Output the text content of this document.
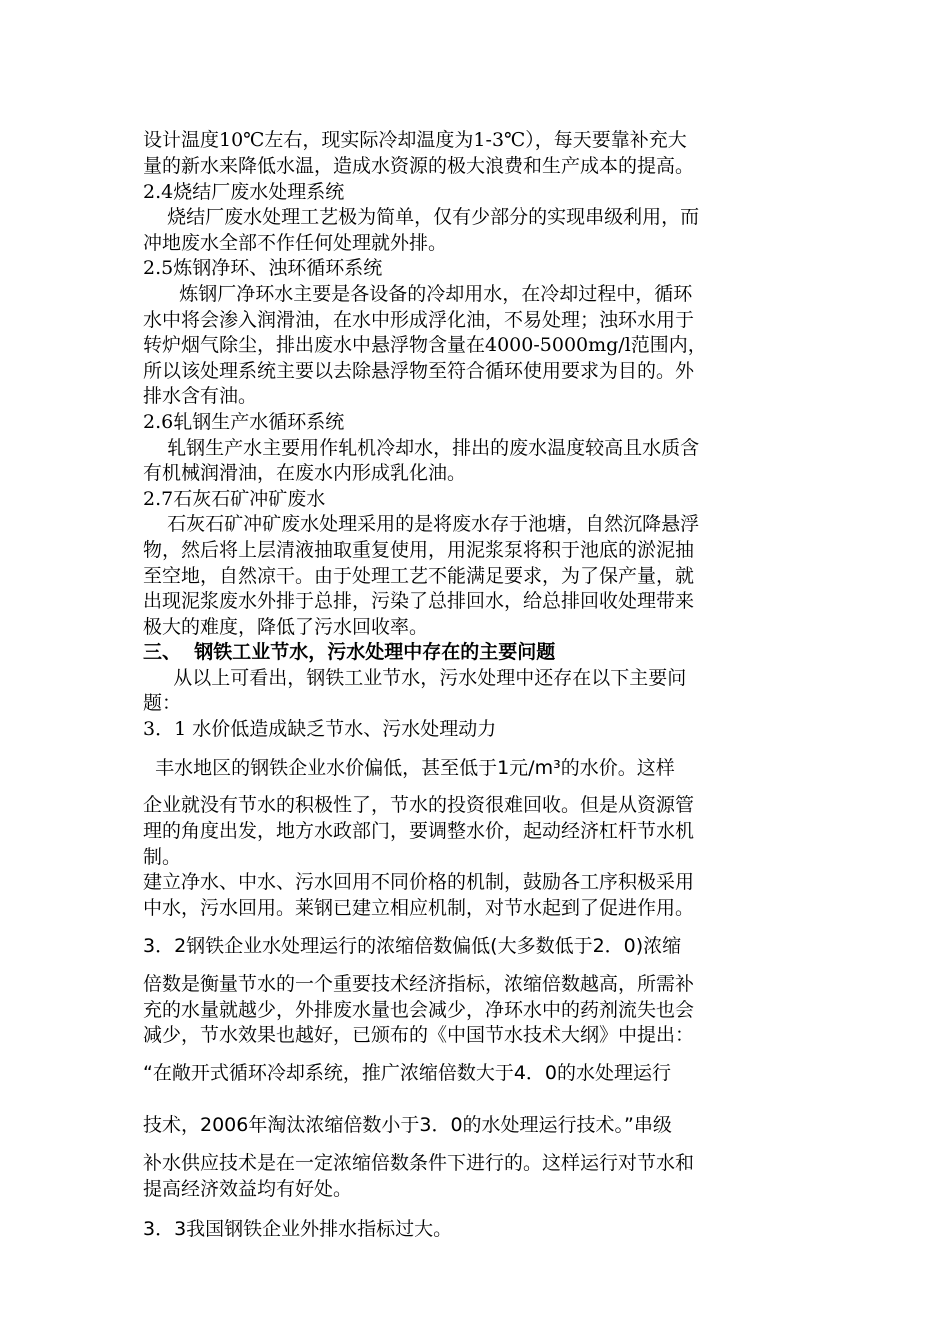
设计温度10℃左右，现实际冷却温度为1-3℃），每天要靠补充大

量的新水来降低水温，造成水资源的极大浪费和生产成本的提高。

2.4烧结厂废水处理系统

烧结厂废水处理工艺极为简单，仅有少部分的实现串级利用，而

冲地废水全部不作任何处理就外排。

2.5炼钢净环、浊环循环系统

炼钢厂净环水主要是各设备的冷却用水，在冷却过程中，循环

水中将会渗入润滑油，在水中形成浮化油，不易处理；浊环水用于

转炉烟气除尘，排出废水中悬浮物含量在4000-5000mg/l范围内，

所以该处理系统主要以去除悬浮物至符合循环使用要求为目的。外

排水含有油。

2.6轧钢生产水循环系统

轧钢生产水主要用作轧机冷却水，排出的废水温度较高且水质含

有机械润滑油，在废水内形成乳化油。

2.7石灰石矿冲矿废水

石灰石矿冲矿废水处理采用的是将废水存于池塘，自然沉降悬浮

物，然后将上层清液抽取重复使用，用泥浆泵将积于池底的淤泥抽

至空地，自然凉干。由于处理工艺不能满足要求，为了保产量，就

出现泥浆废水外排于总排，污染了总排回水，给总排回收处理带来

极大的难度，降低了污水回收率。

三、  钢铁工业节水，污水处理中存在的主要问题

从以上可看出，钢铁工业节水，污水处理中还存在以下主要问

题：

3．1 水价低造成缺乏节水、污水处理动力

丰水地区的钢铁企业水价偏低，甚至低于1元/m³的水价。这样

企业就没有节水的积极性了，节水的投资很难回收。但是从资源管

理的角度出发，地方水政部门，要调整水价，起动经济杠杆节水机

制。

建立净水、中水、污水回用不同价格的机制，鼓励各工序积极采用

中水，污水回用。莱钢已建立相应机制，对节水起到了促进作用。

3．2钢铁企业水处理运行的浓缩倍数偏低(大多数低于2．0)浓缩

倍数是衡量节水的一个重要技术经济指标，浓缩倍数越高，所需补

充的水量就越少，外排废水量也会减少，净环水中的药剂流失也会

减少，节水效果也越好，已颁布的《中国节水技术大纲》中提出：

“在敞开式循环冷却系统，推广浓缩倍数大于4．0的水处理运行

技术，2006年淘汰浓缩倍数小于3．0的水处理运行技术。”串级

补水供应技术是在一定浓缩倍数条件下进行的。这样运行对节水和

提高经济效益均有好处。

3．3我国钢铁企业外排水指标过大。
